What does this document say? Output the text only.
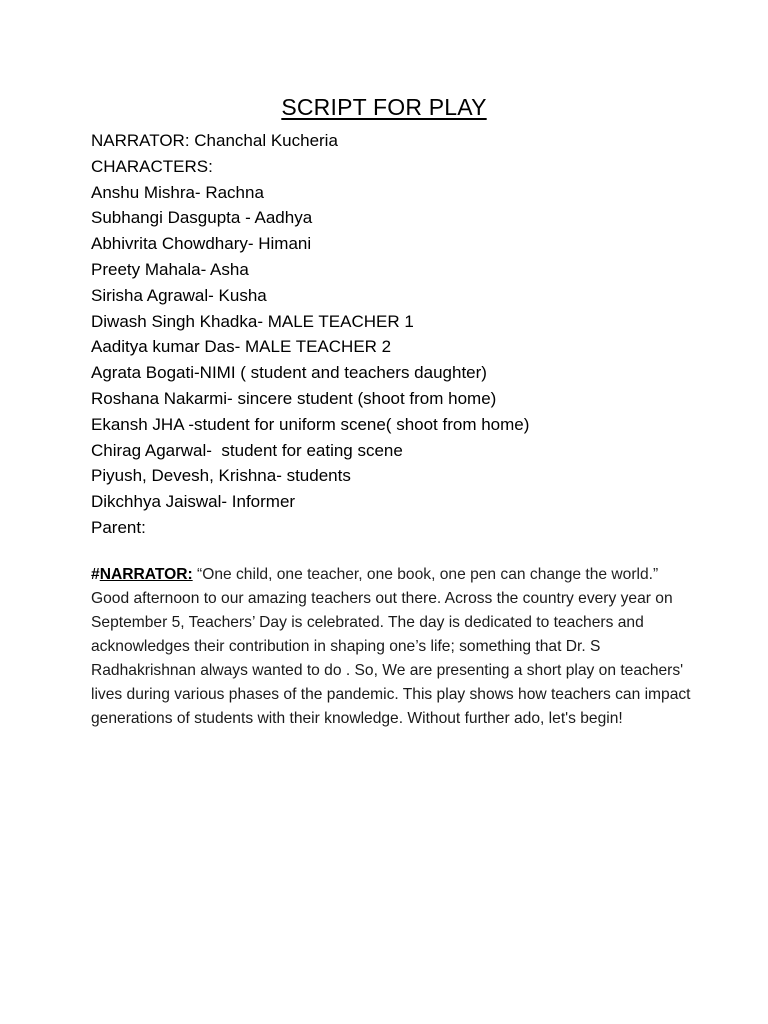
SCRIPT FOR PLAY
NARRATOR: Chanchal Kucheria
CHARACTERS:
Anshu Mishra- Rachna
Subhangi Dasgupta - Aadhya
Abhivrita Chowdhary- Himani
Preety Mahala- Asha
Sirisha Agrawal- Kusha
Diwash Singh Khadka- MALE TEACHER 1
Aaditya kumar Das- MALE TEACHER 2
Agrata Bogati-NIMI ( student and teachers daughter)
Roshana Nakarmi- sincere student (shoot from home)
Ekansh JHA -student for uniform scene( shoot from home)
Chirag Agarwal-  student for eating scene
Piyush, Devesh, Krishna- students
Dikchhya Jaiswal- Informer
Parent:
#NARRATOR: “One child, one teacher, one book, one pen can change the world.”
Good afternoon to our amazing teachers out there. Across the country every year on September 5, Teachers’ Day is celebrated. The day is dedicated to teachers and acknowledges their contribution in shaping one’s life; something that Dr. S Radhakrishnan always wanted to do . So, We are presenting a short play on teachers' lives during various phases of the pandemic. This play shows how teachers can impact generations of students with their knowledge. Without further ado, let's begin!
